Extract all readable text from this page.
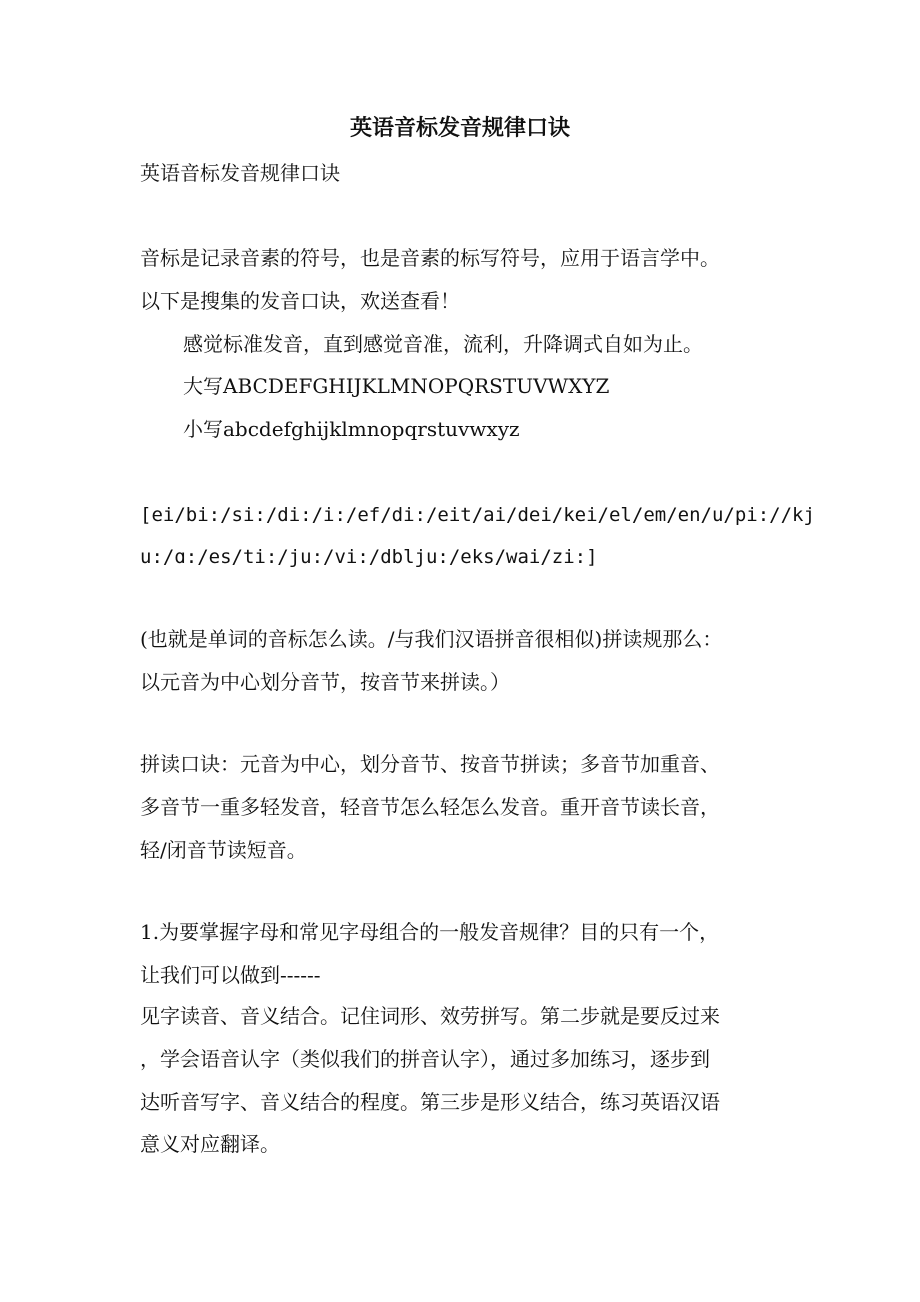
英语音标发音规律口诀
英语音标发音规律口诀
音标是记录音素的符号，也是音素的标写符号，应用于语言学中。
以下是搜集的发音口诀，欢送查看！
感觉标准发音，直到感觉音准，流利，升降调式自如为止。
大写ABCDEFGHIJKLMNOPQRSTUVWXYZ
小写abcdefghijklmnopqrstuvwxyz
[ei/bi:/si:/di:/i:/ef/di:/eit/ai/dei/kei/el/em/en/u/pi://kj
u:/ɑ:/es/ti:/ju:/vi:/dblju:/eks/wai/zi:]
(也就是单词的音标怎么读。/与我们汉语拼音很相似)拼读规那么：
以元音为中心划分音节，按音节来拼读。）
拼读口诀：元音为中心，划分音节、按音节拼读；多音节加重音、
多音节一重多轻发音，轻音节怎么轻怎么发音。重开音节读长音，
轻/闭音节读短音。
1.为要掌握字母和常见字母组合的一般发音规律？目的只有一个，
让我们可以做到------
见字读音、音义结合。记住词形、效劳拼写。第二步就是要反过来
，学会语音认字（类似我们的拼音认字），通过多加练习，逐步到
达听音写字、音义结合的程度。第三步是形义结合，练习英语汉语
意义对应翻译。
